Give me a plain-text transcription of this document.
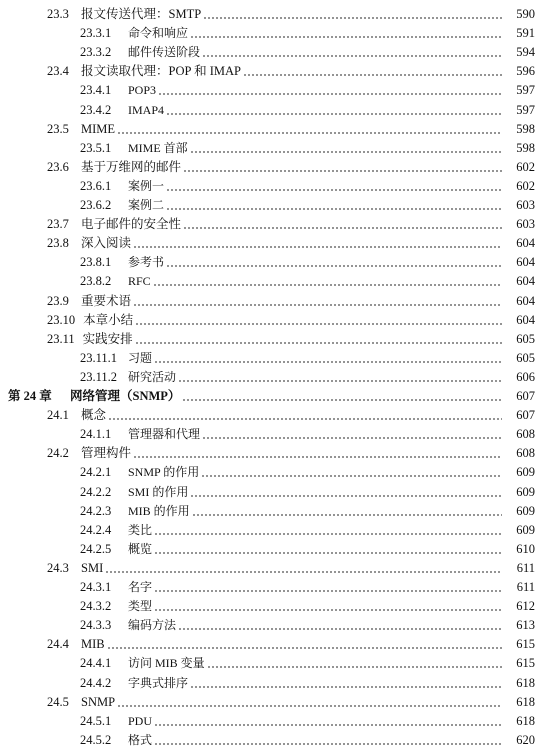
23.3 报文传送代理：SMTP	590
23.3.1	命令和响应	591
23.3.2	邮件传送阶段	594
23.4 报文读取代理：POP 和 IMAP	596
23.4.1	POP3	597
23.4.2	IMAP4	597
23.5 MIME	598
23.5.1	MIME 首部	598
23.6 基于万维网的邮件	602
23.6.1	案例一	602
23.6.2	案例二	603
23.7 电子邮件的安全性	603
23.8 深入阅读	604
23.8.1	参考书	604
23.8.2	RFC	604
23.9 重要术语	604
23.10 本章小结	604
23.11 实践安排	605
23.11.1 习题	605
23.11.2 研究活动	606
第 24 章	网络管理（SNMP）	607
24.1 概念	607
24.1.1	管理器和代理	608
24.2 管理构件	608
24.2.1	SNMP 的作用	609
24.2.2	SMI 的作用	609
24.2.3	MIB 的作用	609
24.2.4	类比	609
24.2.5	概览	610
24.3 SMI	611
24.3.1	名字	611
24.3.2	类型	612
24.3.3	编码方法	613
24.4 MIB	615
24.4.1	访问 MIB 变量	615
24.4.2	字典式排序	618
24.5 SNMP	618
24.5.1	PDU	618
24.5.2	格式	620
